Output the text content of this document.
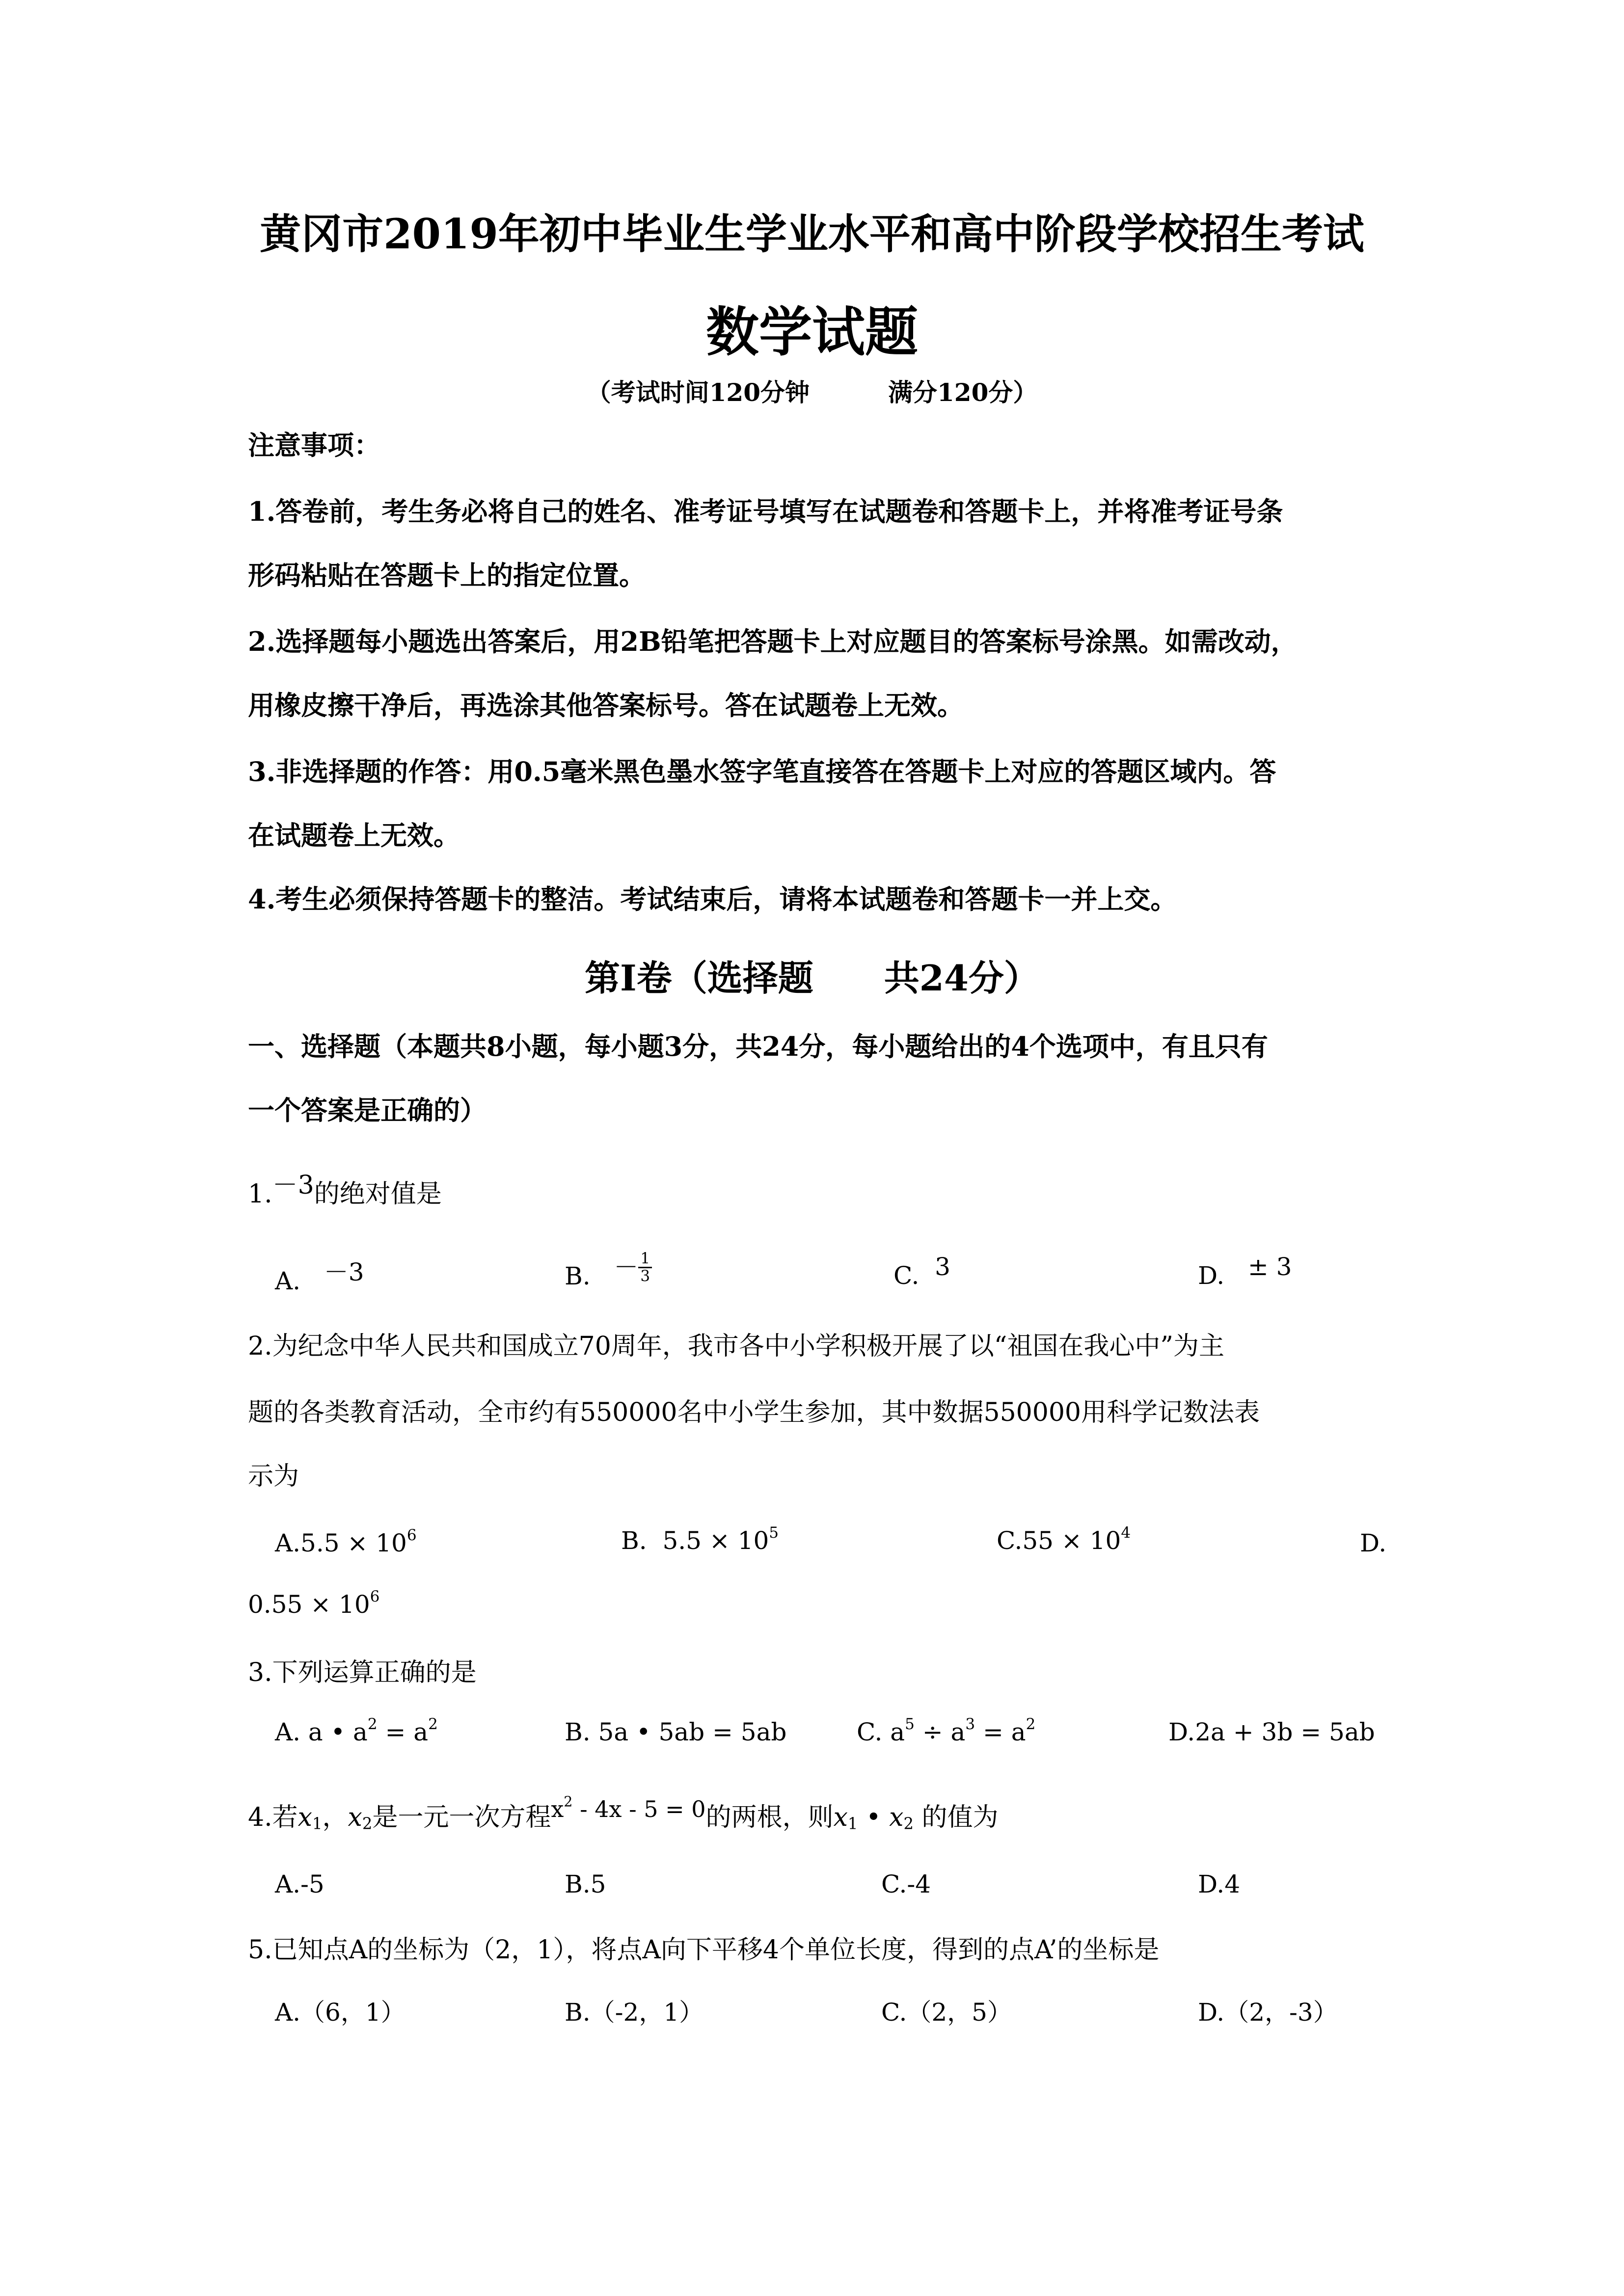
黄冈市2019年初中毕业生学业水平和高中阶段学校招生考试
数学试题
（考试时间120分钟	满分120分）
注意事项：
1.答卷前，考生务必将自己的姓名、准考证号填写在试题卷和答题卡上，并将准考证号条
形码粘贴在答题卡上的指定位置。
2.选择题每小题选出答案后，用2B铅笔把答题卡上对应题目的答案标号涂黑。如需改动，
用橡皮擦干净后，再选涂其他答案标号。答在试题卷上无效。
3.非选择题的作答：用0.5毫米黑色墨水签字笔直接答在答题卡上对应的答题区域内。答
在试题卷上无效。
4.考生必须保持答题卡的整洁。考试结束后，请将本试题卷和答题卡一并上交。
第Ⅰ卷（选择题　　共24分）
一、选择题（本题共8小题，每小题3分，共24分，每小题给出的4个选项中，有且只有
一个答案是正确的）
1.－3的绝对值是
A. －3	B. － $\frac{1}{3}$	C. 3	D. ± 3
2.为纪念中华人民共和国成立70周年，我市各中小学积极开展了以“祖国在我心中”为主
题的各类教育活动，全市约有550000名中小学生参加，其中数据550000用科学记数法表
示为
$A.5.5 \times 10^6$	B. $5.5 \times 10^5$	$C.55 \times 10^4$	D.
$0.55 \times 10^6$
3.下列运算正确的是
A. a • $a^2 = a^2$	B. 5a • 5ab = 5ab	C. $a^5 \div a^3 = a^2$	D.2a + 3b = 5ab
4.若$x_1$，$x_2$是一元一次方程$x^2 - 4x - 5 = 0$的两根，则$x_1$ • $x_2$ 的值为
A.-5	B.5	C.-4	D.4
5.已知点A的坐标为（2，1），将点A向下平移4个单位长度，得到的点A’的坐标是
A.（6，1）	B.（-2，1）	C.（2，5）	D.（2，-3）
